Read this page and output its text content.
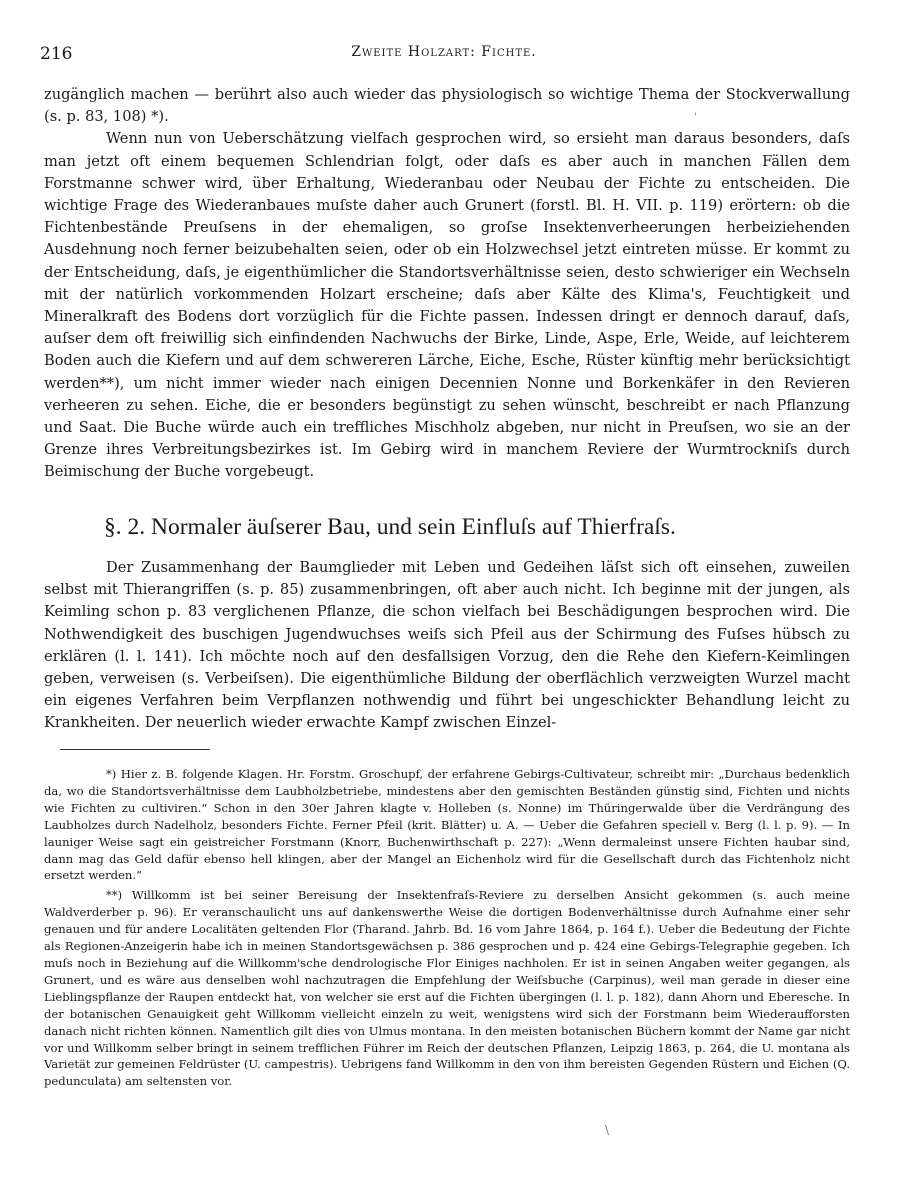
216	Zweite Holzart: Fichte.

zugänglich machen — berührt also auch wieder das physiologisch so wichtige Thema der Stockverwallung (s. p. 83, 108) *).

Wenn nun von Ueberschätzung vielfach gesprochen wird, so ersieht man daraus besonders, daſs man jetzt oft einem bequemen Schlendrian folgt, oder daſs es aber auch in manchen Fällen dem Forstmanne schwer wird, über Erhaltung, Wiederanbau oder Neubau der Fichte zu entscheiden. Die wichtige Frage des Wiederanbaues muſste daher auch Grunert (forstl. Bl. H. VII. p. 119) erörtern: ob die Fichtenbestände Preuſsens in der ehemaligen, so groſse Insektenverheerungen herbeiziehenden Ausdehnung noch ferner beizubehalten seien, oder ob ein Holzwechsel jetzt eintreten müsse. Er kommt zu der Entscheidung, daſs, je eigenthümlicher die Standortsverhältnisse seien, desto schwieriger ein Wechseln mit der natürlich vorkommenden Holzart erscheine; daſs aber Kälte des Klima's, Feuchtigkeit und Mineralkraft des Bodens dort vorzüglich für die Fichte passen. Indessen dringt er dennoch darauf, daſs, auſser dem oft freiwillig sich einfindenden Nachwuchs der Birke, Linde, Aspe, Erle, Weide, auf leichterem Boden auch die Kiefern und auf dem schwereren Lärche, Eiche, Esche, Rüster künftig mehr berücksichtigt werden**), um nicht immer wieder nach einigen Decennien Nonne und Borkenkäfer in den Revieren verheeren zu sehen. Eiche, die er besonders begünstigt zu sehen wünscht, beschreibt er nach Pflanzung und Saat. Die Buche würde auch ein treffliches Mischholz abgeben, nur nicht in Preuſsen, wo sie an der Grenze ihres Verbreitungsbezirkes ist. Im Gebirg wird in manchem Reviere der Wurmtrockniſs durch Beimischung der Buche vorgebeugt.

§. 2. Normaler äuſserer Bau, und sein Einfluſs auf Thierfraſs.

Der Zusammenhang der Baumglieder mit Leben und Gedeihen läſst sich oft einsehen, zuweilen selbst mit Thierangriffen (s. p. 85) zusammenbringen, oft aber auch nicht. Ich beginne mit der jungen, als Keimling schon p. 83 verglichenen Pflanze, die schon vielfach bei Beschädigungen besprochen wird. Die Nothwendigkeit des buschigen Jugendwuchses weiſs sich Pfeil aus der Schirmung des Fuſses hübsch zu erklären (l. l. 141). Ich möchte noch auf den desfallsigen Vorzug, den die Rehe den Kiefern-Keimlingen geben, verweisen (s. Verbeiſsen). Die eigenthümliche Bildung der oberflächlich verzweigten Wurzel macht ein eigenes Verfahren beim Verpflanzen nothwendig und führt bei ungeschickter Behandlung leicht zu Krankheiten. Der neuerlich wieder erwachte Kampf zwischen Einzel-

*) Hier z. B. folgende Klagen. Hr. Forstm. Groschupf, der erfahrene Gebirgs-Cultivateur, schreibt mir: „Durchaus bedenklich da, wo die Standortsverhältnisse dem Laubholzbetriebe, mindestens aber den gemischten Beständen günstig sind, Fichten und nichts wie Fichten zu cultiviren.“ Schon in den 30er Jahren klagte v. Holleben (s. Nonne) im Thüringerwalde über die Verdrängung des Laubholzes durch Nadelholz, besonders Fichte. Ferner Pfeil (krit. Blätter) u. A. — Ueber die Gefahren speciell v. Berg (l. l. p. 9). — In launiger Weise sagt ein geistreicher Forstmann (Knorr, Buchenwirthschaft p. 227): „Wenn dermaleinst unsere Fichten haubar sind, dann mag das Geld dafür ebenso hell klingen, aber der Mangel an Eichenholz wird für die Gesellschaft durch das Fichtenholz nicht ersetzt werden.“

**) Willkomm ist bei seiner Bereisung der Insektenfraſs-Reviere zu derselben Ansicht gekommen (s. auch meine Waldverderber p. 96). Er veranschaulicht uns auf dankenswerthe Weise die dortigen Bodenverhältnisse durch Aufnahme einer sehr genauen und für andere Localitäten geltenden Flor (Tharand. Jahrb. Bd. 16 vom Jahre 1864, p. 164 f.). Ueber die Bedeutung der Fichte als Regionen-Anzeigerin habe ich in meinen Standortsgewächsen p. 386 gesprochen und p. 424 eine Gebirgs-Telegraphie gegeben. Ich muſs noch in Beziehung auf die Willkomm'sche dendrologische Flor Einiges nachholen. Er ist in seinen Angaben weiter gegangen, als Grunert, und es wäre aus denselben wohl nachzutragen die Empfehlung der Weiſsbuche (Carpinus), weil man gerade in dieser eine Lieblingspflanze der Raupen entdeckt hat, von welcher sie erst auf die Fichten übergingen (l. l. p. 182), dann Ahorn und Eberesche. In der botanischen Genauigkeit geht Willkomm vielleicht einzeln zu weit, wenigstens wird sich der Forstmann beim Wiederaufforsten danach nicht richten können. Namentlich gilt dies von Ulmus montana. In den meisten botanischen Büchern kommt der Name gar nicht vor und Willkomm selber bringt in seinem trefflichen Führer im Reich der deutschen Pflanzen, Leipzig 1863, p. 264, die U. montana als Varietät zur gemeinen Feldrüster (U. campestris). Uebrigens fand Willkomm in den von ihm bereisten Gegenden Rüstern und Eichen (Q. pedunculata) am seltensten vor.

\
'
